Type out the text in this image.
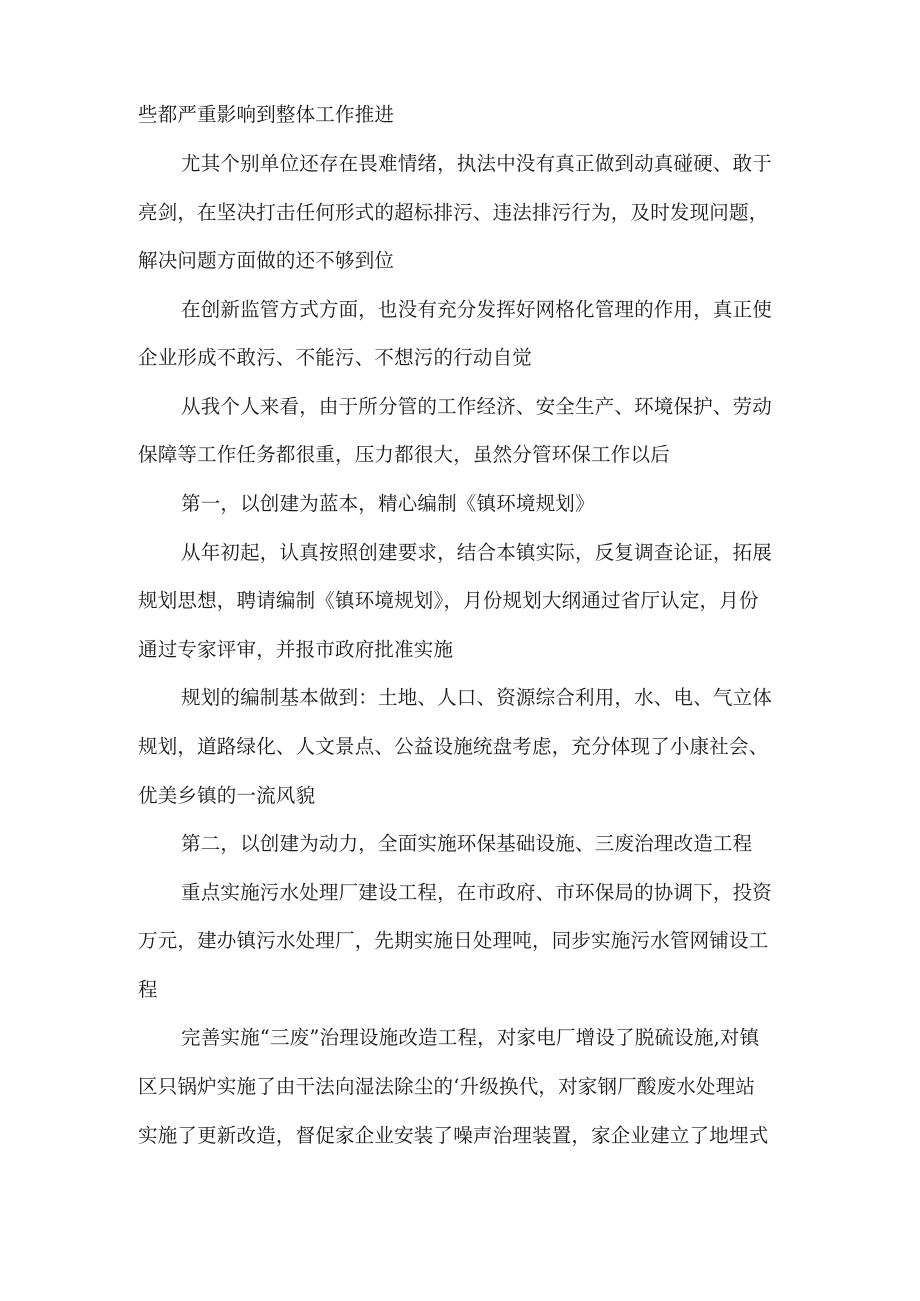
些都严重影响到整体工作推进
尤其个别单位还存在畏难情绪，执法中没有真正做到动真碰硬、敢于
亮剑，在坚决打击任何形式的超标排污、违法排污行为，及时发现问题，
解决问题方面做的还不够到位
在创新监管方式方面，也没有充分发挥好网格化管理的作用，真正使
企业形成不敢污、不能污、不想污的行动自觉
从我个人来看，由于所分管的工作经济、安全生产、环境保护、劳动
保障等工作任务都很重，压力都很大，虽然分管环保工作以后
第一，以创建为蓝本，精心编制《镇环境规划》
从年初起，认真按照创建要求，结合本镇实际，反复调查论证，拓展
规划思想，聘请编制《镇环境规划》，月份规划大纲通过省厅认定，月份
通过专家评审，并报市政府批准实施
规划的编制基本做到：土地、人口、资源综合利用，水、电、气立体
规划，道路绿化、人文景点、公益设施统盘考虑，充分体现了小康社会、
优美乡镇的一流风貌
第二，以创建为动力，全面实施环保基础设施、三废治理改造工程
重点实施污水处理厂建设工程，在市政府、市环保局的协调下，投资
万元，建办镇污水处理厂，先期实施日处理吨，同步实施污水管网铺设工
程
完善实施“三废”治理设施改造工程，对家电厂增设了脱硫设施,对镇
区只锅炉实施了由干法向湿法除尘的‘升级换代，对家钢厂酸废水处理站
实施了更新改造，督促家企业安装了噪声治理装置，家企业建立了地埋式
